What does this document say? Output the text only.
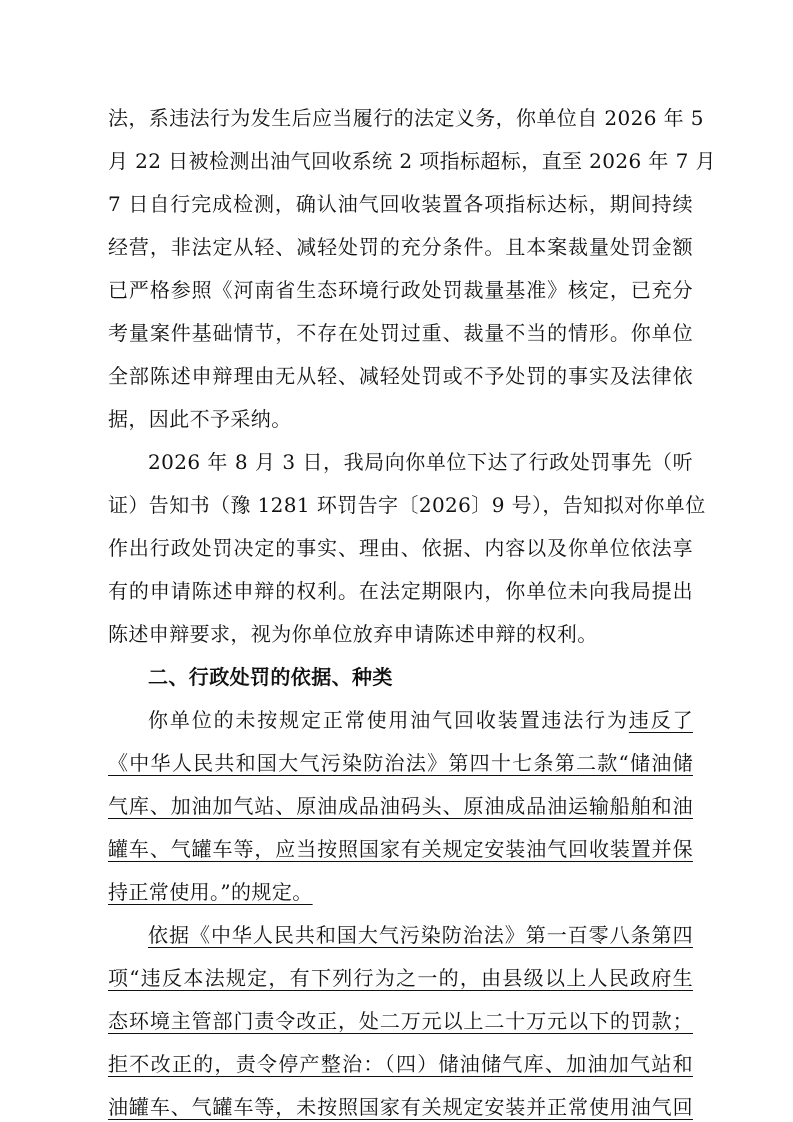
法，系违法行为发生后应当履行的法定义务，你单位自 2026 年 5
月 22 日被检测出油气回收系统 2 项指标超标，直至 2026 年 7 月
7 日自行完成检测，确认油气回收装置各项指标达标，期间持续
经营，非法定从轻、减轻处罚的充分条件。且本案裁量处罚金额
已严格参照《河南省生态环境行政处罚裁量基准》核定，已充分
考量案件基础情节，不存在处罚过重、裁量不当的情形。你单位
全部陈述申辩理由无从轻、减轻处罚或不予处罚的事实及法律依
据，因此不予采纳。
2026 年 8 月 3 日，我局向你单位下达了行政处罚事先（听
证）告知书（豫 1281 环罚告字〔2026〕9 号），告知拟对你单位
作出行政处罚决定的事实、理由、依据、内容以及你单位依法享
有的申请陈述申辩的权利。在法定期限内，你单位未向我局提出
陈述申辩要求，视为你单位放弃申请陈述申辩的权利。
二、行政处罚的依据、种类
你单位的未按规定正常使用油气回收装置违法行为违反了
《中华人民共和国大气污染防治法》第四十七条第二款“储油储
气库、加油加气站、原油成品油码头、原油成品油运输船舶和油
罐车、气罐车等，应当按照国家有关规定安装油气回收装置并保
持正常使用。”的规定。
依据《中华人民共和国大气污染防治法》第一百零八条第四
项“违反本法规定，有下列行为之一的，由县级以上人民政府生
态环境主管部门责令改正，处二万元以上二十万元以下的罚款；
拒不改正的，责令停产整治：（四）储油储气库、加油加气站和
油罐车、气罐车等，未按照国家有关规定安装并正常使用油气回
